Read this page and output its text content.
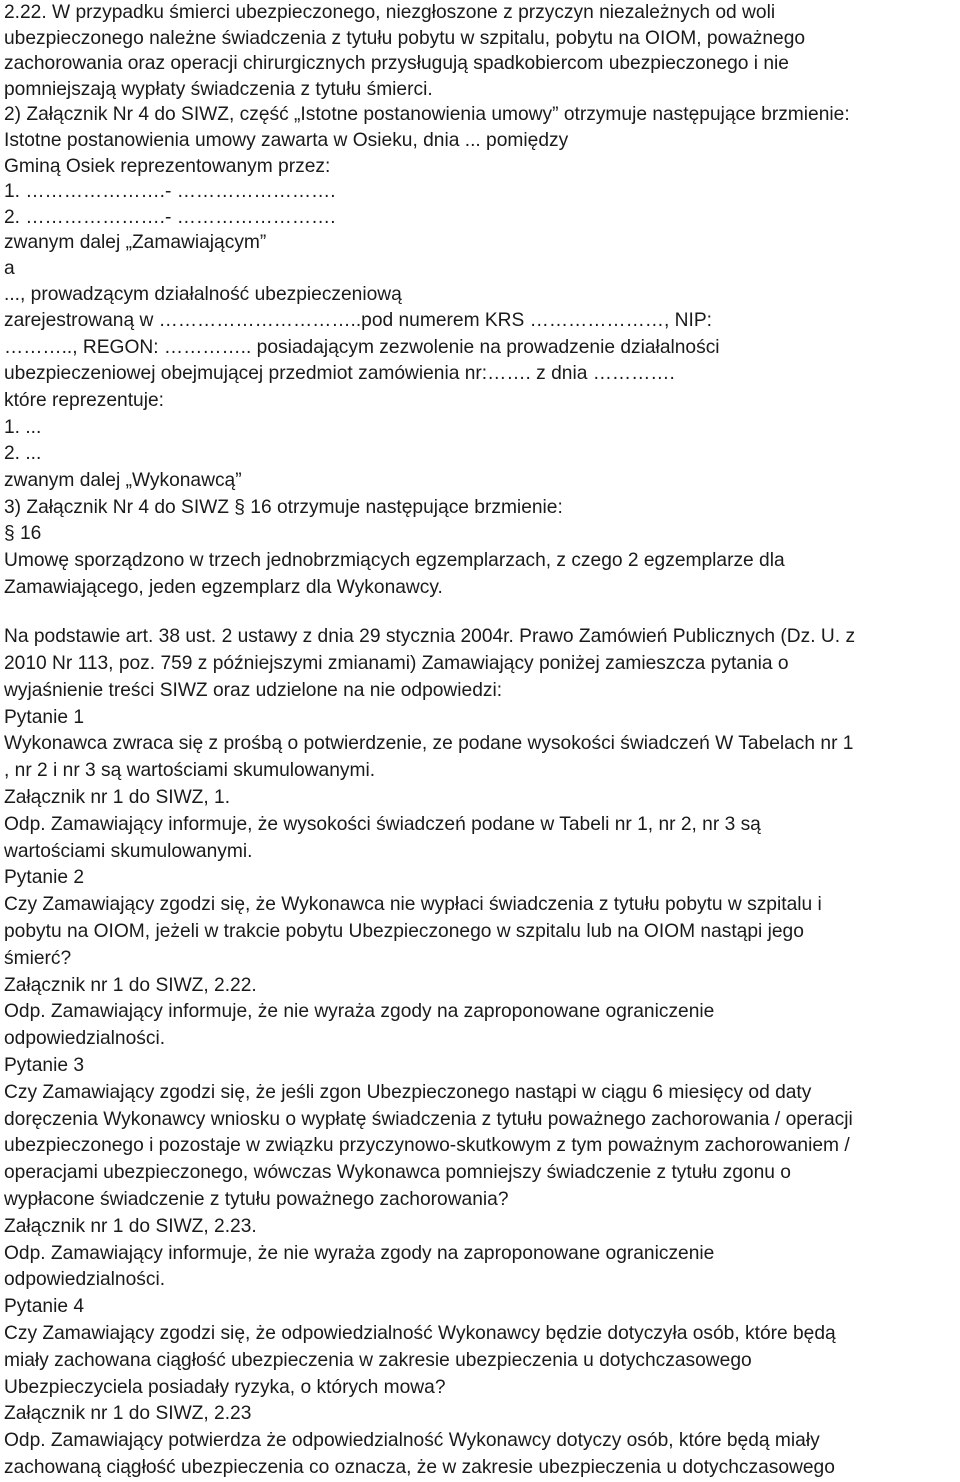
2.22. W przypadku śmierci ubezpieczonego, niezgłoszone z przyczyn niezależnych od woli
ubezpieczonego należne świadczenia z tytułu pobytu w szpitalu, pobytu na OIOM, poważnego
zachorowania oraz operacji chirurgicznych przysługują spadkobiercom ubezpieczonego i nie
pomniejszają wypłaty świadczenia z tytułu śmierci.
2) Załącznik Nr 4 do SIWZ, część „Istotne postanowienia umowy” otrzymuje następujące brzmienie:
Istotne postanowienia umowy zawarta w Osieku, dnia ... pomiędzy
Gminą Osiek reprezentowanym przez:
1. ………………….- …………………….
2. ………………….- …………………….
zwanym dalej „Zamawiającym”
a
..., prowadzącym działalność ubezpieczeniową
zarejestrowaną w …………………………..pod numerem KRS …………………, NIP:
……….., REGON: ………….. posiadającym zezwolenie na prowadzenie działalności
ubezpieczeniowej obejmującej przedmiot zamówienia nr:……. z dnia ………….
które reprezentuje:
1. ...
2. ...
zwanym dalej „Wykonawcą”
3) Załącznik Nr 4 do SIWZ § 16 otrzymuje następujące brzmienie:
§ 16
Umowę sporządzono w trzech jednobrzmiących egzemplarzach, z czego 2 egzemplarze dla
Zamawiającego, jeden egzemplarz dla Wykonawcy.
Na podstawie art. 38 ust. 2 ustawy z dnia 29 stycznia 2004r. Prawo Zamówień Publicznych (Dz. U. z
2010 Nr 113, poz. 759 z późniejszymi zmianami) Zamawiający poniżej zamieszcza pytania o
wyjaśnienie treści SIWZ oraz udzielone na nie odpowiedzi:
Pytanie 1
Wykonawca zwraca się z prośbą o potwierdzenie, ze podane wysokości świadczeń W Tabelach nr 1
, nr 2 i nr 3 są wartościami skumulowanymi.
Załącznik nr 1 do SIWZ, 1.
Odp. Zamawiający informuje, że wysokości świadczeń podane w Tabeli nr 1, nr 2, nr 3 są
wartościami skumulowanymi.
Pytanie 2
Czy Zamawiający zgodzi się, że Wykonawca nie wypłaci świadczenia z tytułu pobytu w szpitalu i
pobytu na OIOM, jeżeli w trakcie pobytu Ubezpieczonego w szpitalu lub na OIOM nastąpi jego
śmierć?
Załącznik nr 1 do SIWZ, 2.22.
Odp. Zamawiający informuje, że nie wyraża zgody na zaproponowane ograniczenie
odpowiedzialności.
Pytanie 3
Czy Zamawiający zgodzi się, że jeśli zgon Ubezpieczonego nastąpi w ciągu 6 miesięcy od daty
doręczenia Wykonawcy wniosku o wypłatę świadczenia z tytułu poważnego zachorowania / operacji
ubezpieczonego i pozostaje w związku przyczynowo-skutkowym z tym poważnym zachorowaniem /
operacjami ubezpieczonego, wówczas Wykonawca pomniejszy świadczenie z tytułu zgonu o
wypłacone świadczenie z tytułu poważnego zachorowania?
Załącznik nr 1 do SIWZ, 2.23.
Odp. Zamawiający informuje, że nie wyraża zgody na zaproponowane ograniczenie
odpowiedzialności.
Pytanie 4
Czy Zamawiający zgodzi się, że odpowiedzialność Wykonawcy będzie dotyczyła osób, które będą
miały zachowana ciągłość ubezpieczenia w zakresie ubezpieczenia u dotychczasowego
Ubezpieczyciela posiadały ryzyka, o których mowa?
Załącznik nr 1 do SIWZ, 2.23
Odp. Zamawiający potwierdza że odpowiedzialność Wykonawcy dotyczy osób, które będą miały
zachowaną ciągłość ubezpieczenia co oznacza, że w zakresie ubezpieczenia u dotychczasowego
